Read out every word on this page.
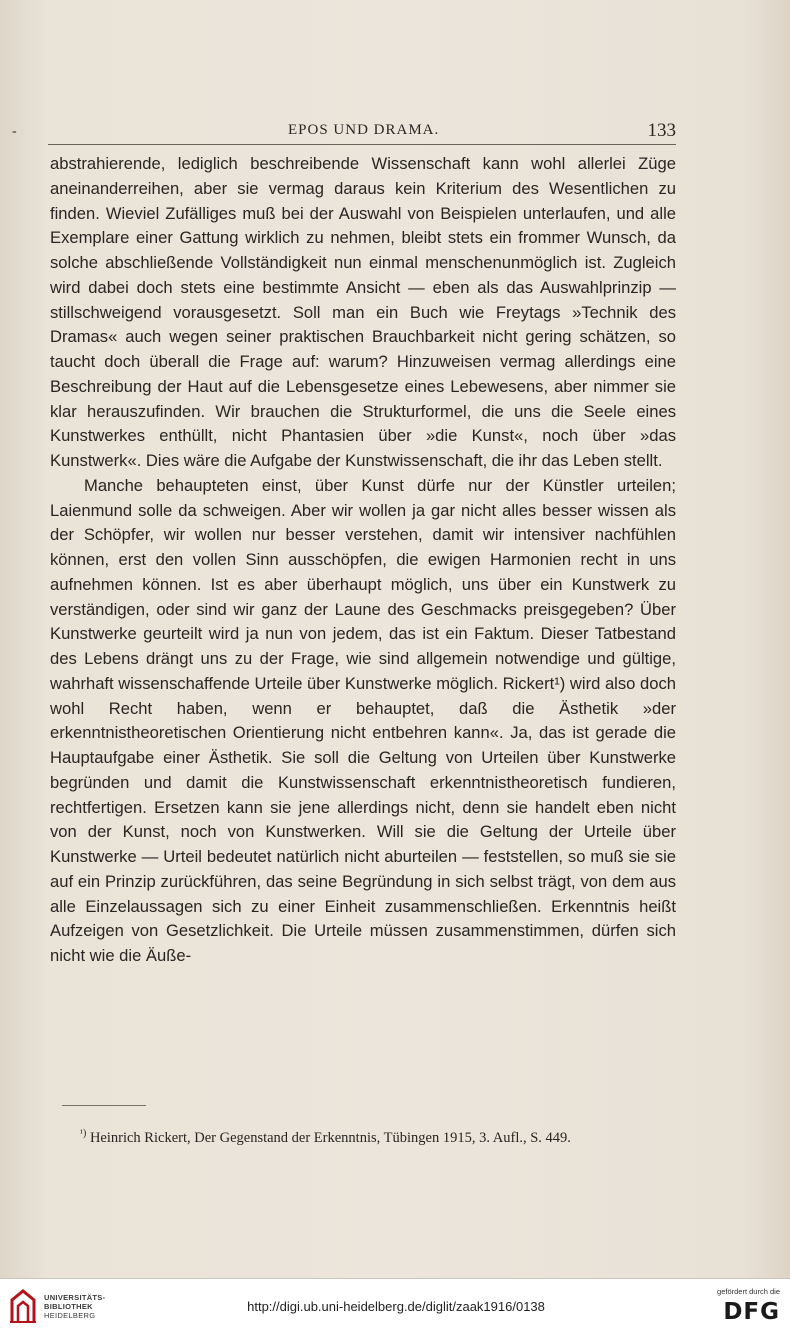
-	EPOS UND DRAMA.	133

abstrahierende, lediglich beschreibende Wissenschaft kann wohl allerlei Züge aneinanderreihen, aber sie vermag daraus kein Kriterium des Wesentlichen zu finden. Wieviel Zufälliges muß bei der Auswahl von Beispielen unterlaufen, und alle Exemplare einer Gattung wirklich zu nehmen, bleibt stets ein frommer Wunsch, da solche abschließende Vollständigkeit nun einmal menschenunmöglich ist. Zugleich wird dabei doch stets eine bestimmte Ansicht — eben als das Auswahlprinzip — stillschweigend vorausgesetzt. Soll man ein Buch wie Freytags »Technik des Dramas« auch wegen seiner praktischen Brauchbarkeit nicht gering schätzen, so taucht doch überall die Frage auf: warum? Hinzuweisen vermag allerdings eine Beschreibung der Haut auf die Lebensgesetze eines Lebewesens, aber nimmer sie klar herauszufinden. Wir brauchen die Strukturformel, die uns die Seele eines Kunstwerkes enthüllt, nicht Phantasien über »die Kunst«, noch über »das Kunstwerk«. Dies wäre die Aufgabe der Kunstwissenschaft, die ihr das Leben stellt.

Manche behaupteten einst, über Kunst dürfe nur der Künstler urteilen; Laienmund solle da schweigen. Aber wir wollen ja gar nicht alles besser wissen als der Schöpfer, wir wollen nur besser verstehen, damit wir intensiver nachfühlen können, erst den vollen Sinn ausschöpfen, die ewigen Harmonien recht in uns aufnehmen können. Ist es aber überhaupt möglich, uns über ein Kunstwerk zu verständigen, oder sind wir ganz der Laune des Geschmacks preisgegeben? Über Kunstwerke geurteilt wird ja nun von jedem, das ist ein Faktum. Dieser Tatbestand des Lebens drängt uns zu der Frage, wie sind allgemein notwendige und gültige, wahrhaft wissenschaffende Urteile über Kunstwerke möglich. Rickert¹) wird also doch wohl Recht haben, wenn er behauptet, daß die Ästhetik »der erkenntnistheoretischen Orientierung nicht entbehren kann«. Ja, das ist gerade die Hauptaufgabe einer Ästhetik. Sie soll die Geltung von Urteilen über Kunstwerke begründen und damit die Kunstwissenschaft erkenntnistheoretisch fundieren, rechtfertigen. Ersetzen kann sie jene allerdings nicht, denn sie handelt eben nicht von der Kunst, noch von Kunstwerken. Will sie die Geltung der Urteile über Kunstwerke — Urteil bedeutet natürlich nicht aburteilen — feststellen, so muß sie sie auf ein Prinzip zurückführen, das seine Begründung in sich selbst trägt, von dem aus alle Einzelaussagen sich zu einer Einheit zusammenschließen. Erkenntnis heißt Aufzeigen von Gesetzlichkeit. Die Urteile müssen zusammenstimmen, dürfen sich nicht wie die Äuße-

$^{^1)}$ Heinrich Rickert, Der Gegenstand der Erkenntnis, Tübingen 1915, 3. Aufl., S. 449.
UNIVERSITÄTS-
BIBLIOTHEK
HEIDELBERG
http://digi.ub.uni-heidelberg.de/diglit/zaak1916/0138
gefördert durch die
DFG
